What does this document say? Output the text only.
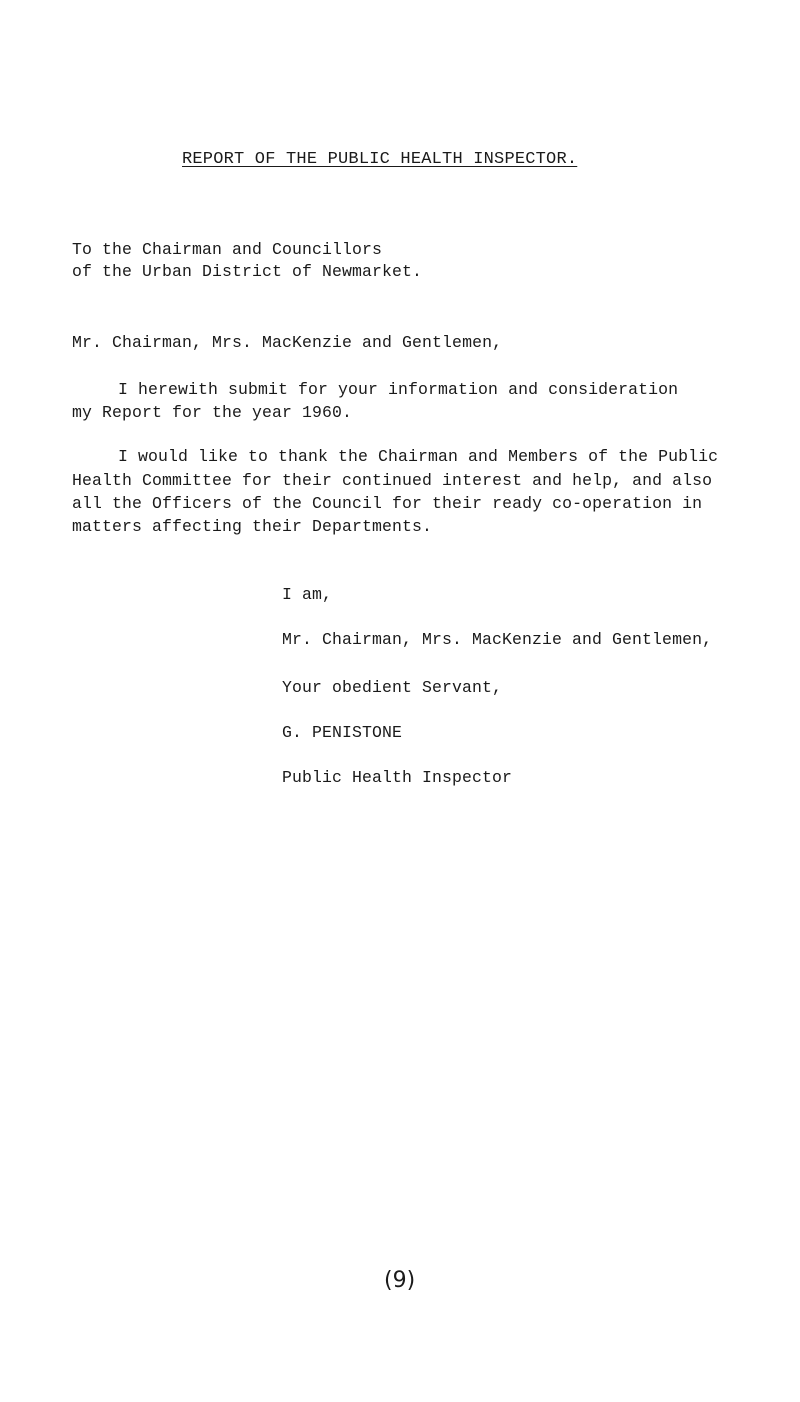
REPORT OF THE PUBLIC HEALTH INSPECTOR.
To the Chairman and Councillors
of the Urban District of Newmarket.
Mr. Chairman, Mrs. MacKenzie and Gentlemen,
I herewith submit for your information and consideration
my Report for the year 1960.
I would like to thank the Chairman and Members of the Public
Health Committee for their continued interest and help, and also
all the Officers of the Council for their ready co-operation in
matters affecting their Departments.
I am,
Mr. Chairman, Mrs. MacKenzie and Gentlemen,
Your obedient Servant,
G. PENISTONE
Public Health Inspector
(9)
